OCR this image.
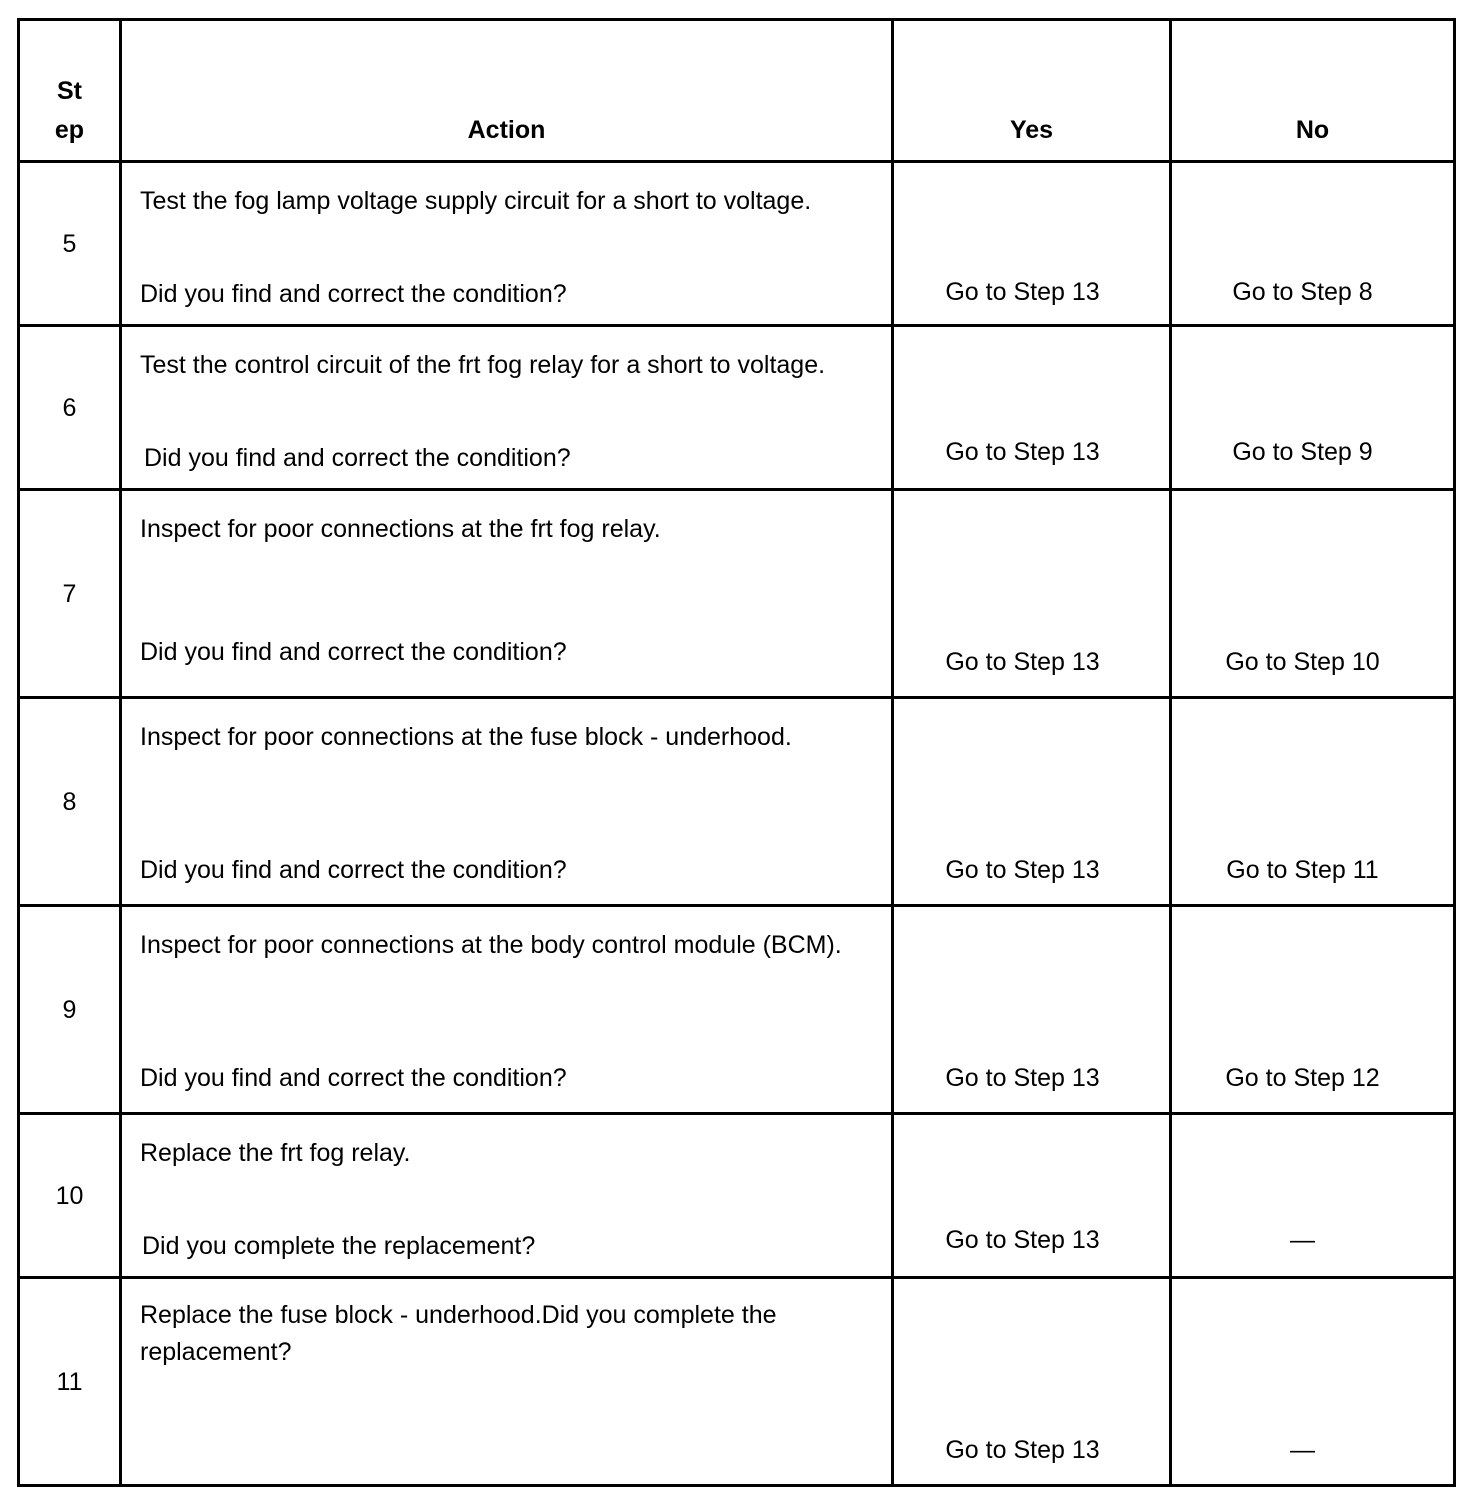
St
ep	Action	Yes	No
5	Test the fog lamp voltage supply circuit for a short to voltage.
Did you find and correct the condition?	Go to Step 13	Go to Step 8

6	Test the control circuit of the frt fog relay for a short to voltage.
Did you find and correct the condition?	Go to Step 13	Go to Step 9

7	Inspect for poor connections at the frt fog relay.
Did you find and correct the condition?	Go to Step 13	Go to Step 10

8	Inspect for poor connections at the fuse block - underhood.
Did you find and correct the condition?	Go to Step 13	Go to Step 11

9	Inspect for poor connections at the body control module (BCM).
Did you find and correct the condition?	Go to Step 13	Go to Step 12

10	Replace the frt fog relay.
Did you complete the replacement?	Go to Step 13	—

11	Replace the fuse block - underhood.Did you complete the replacement?	Go to Step 13	—
